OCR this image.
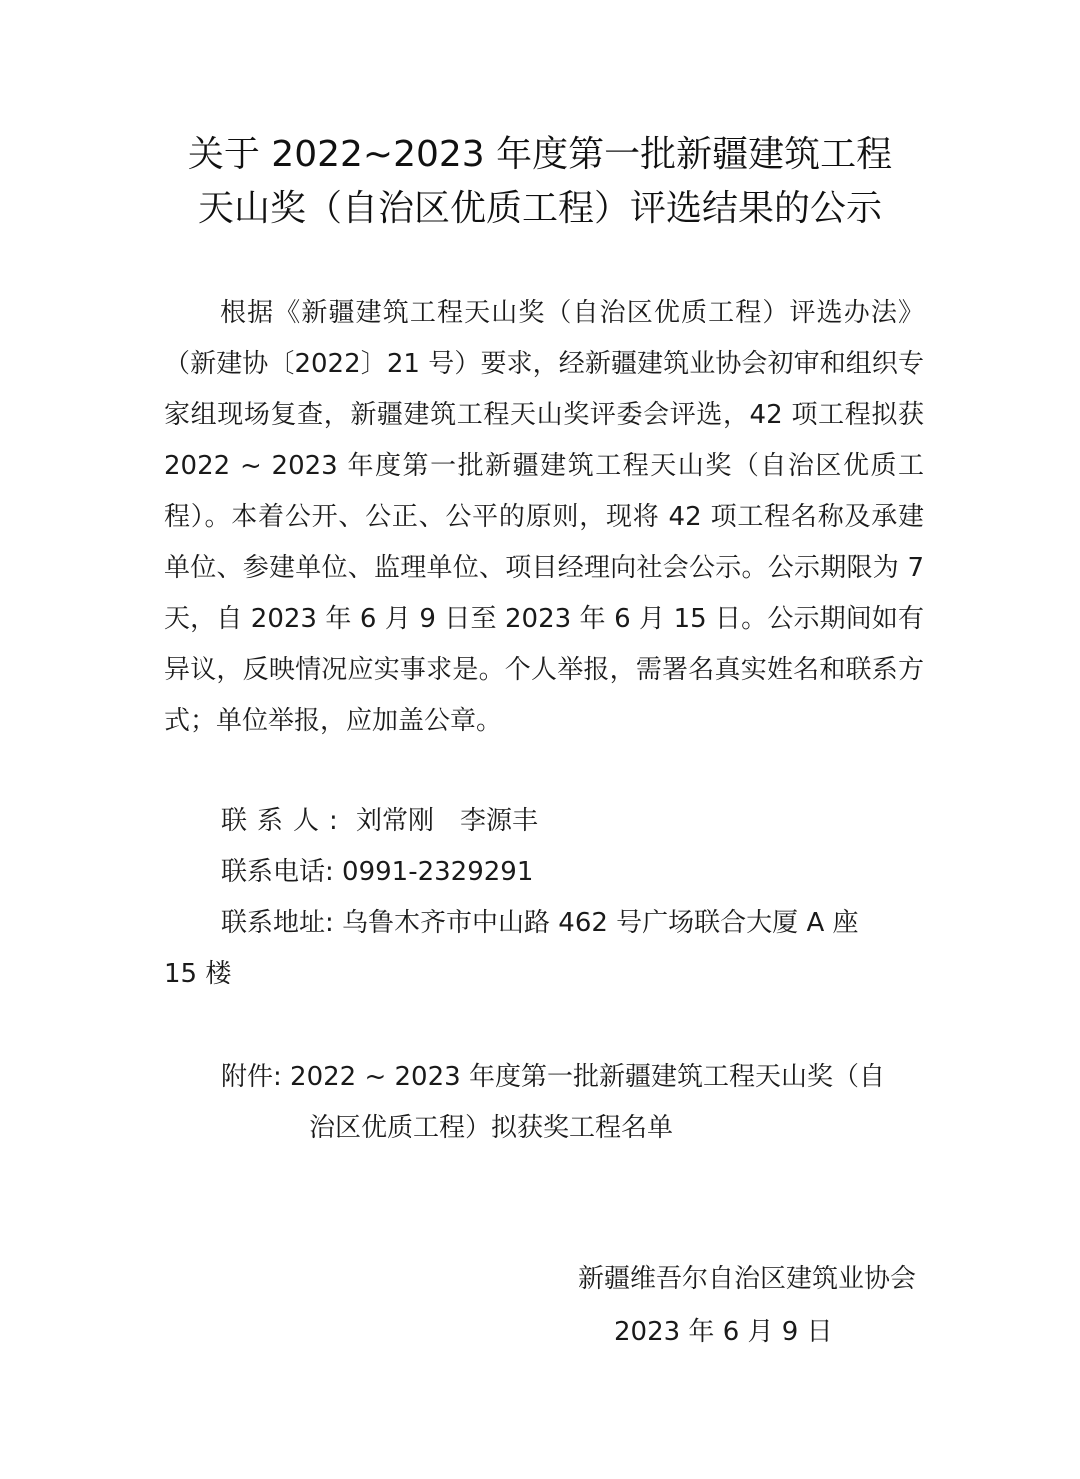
关于 2022~2023 年度第一批新疆建筑工程
天山奖（自治区优质工程）评选结果的公示

根据《新疆建筑工程天山奖（自治区优质工程）评选办法》（新建协〔2022〕21 号）要求，经新疆建筑业协会初审和组织专家组现场复查，新疆建筑工程天山奖评委会评选，42 项工程拟获 2022 ~ 2023 年度第一批新疆建筑工程天山奖（自治区优质工程）。本着公开、公正、公平的原则，现将 42 项工程名称及承建单位、参建单位、监理单位、项目经理向社会公示。公示期限为 7 天，自 2023 年 6 月 9 日至 2023 年 6 月 15 日。公示期间如有异议，反映情况应实事求是。个人举报，需署名真实姓名和联系方式；单位举报，应加盖公章。

联系人: 刘常刚 李源丰

联系电话: 0991-2329291

联系地址: 乌鲁木齐市中山路 462 号广场联合大厦 A 座

15 楼

附件: 2022 ~ 2023 年度第一批新疆建筑工程天山奖（自

治区优质工程）拟获奖工程名单

新疆维吾尔自治区建筑业协会

2023 年 6 月 9 日
